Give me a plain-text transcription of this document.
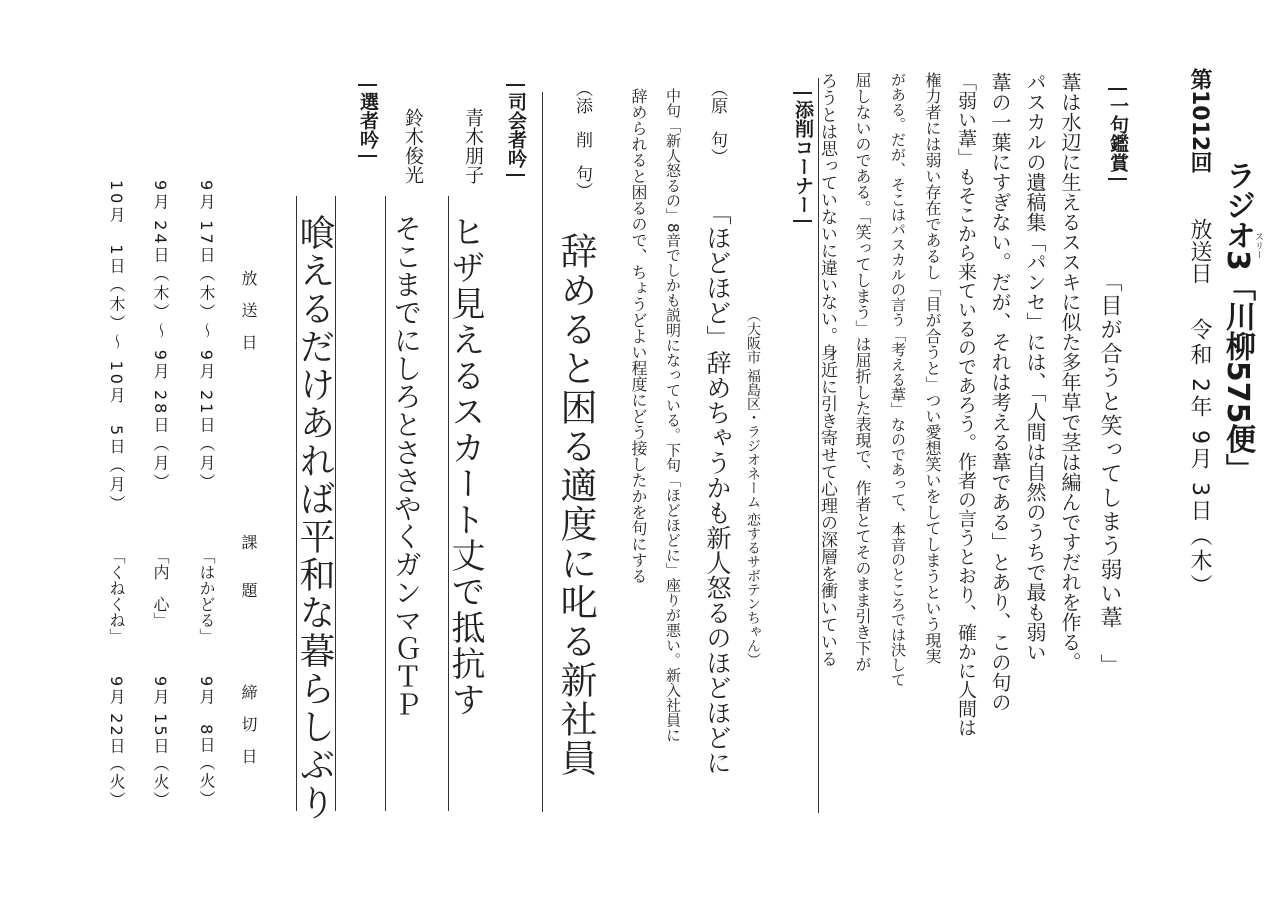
ラジオ3「川柳575便」
スリー
第1012回
放送日
令和 2年 9月 3日（木）
一句鑑賞
「目が合うと笑ってしまう弱い葦　」
葦は水辺に生えるススキに似た多年草で茎は編んですだれを作る。
パスカルの遺稿集「パンセ」には、「人間は自然のうちで最も弱い
葦の一葉にすぎない。だが、それは考える葦である」とあり、この句の
「弱い葦」もそこから来ているのであろう。作者の言うとおり、確かに人間は
権力者には弱い存在であるし「目が合うと」つい愛想笑いをしてしまうという現実
がある。だが、そこはパスカルの言う「考える葦」なのであって、本音のところでは決して
屈しないのである。「笑ってしまう」は屈折した表現で、作者とてそのまま引き下が
ろうとは思っていないに違いない。身近に引き寄せて心理の深層を衝いている
添削コーナー
（大阪市 福島区・ラジオネーム 恋するサボテンちゃん）
（原　句）
「ほどほど」辞めちゃうかも新人怒るのほどほどに
中句「新人怒るの」8音でしかも説明になっている。下句「ほどほどに」座りが悪い。新入社員に
辞められると困るので、ちょうどよい程度にどう接したかを句にする
（添　削　句）
辞めると困る適度に叱る新社員
司会者吟
青木朋子
ヒザ見えるスカート丈で抵抗す
鈴木俊光
そこまでにしろとささやくガンマＧＴＰ
選者吟
喰えるだけあれば平和な暮らしぶり
放　送　日
課　　題
締　切　日
9月 17日（木）～ 9月 21日（月）
「はかどる」
9月　8日（火）
9月 24日（木）～ 9月 28日（月）
「内　心」
9月 15日（火）
10月　1日（木）～ 10月　5日（月）
「くねくね」
9月 22日（火）
